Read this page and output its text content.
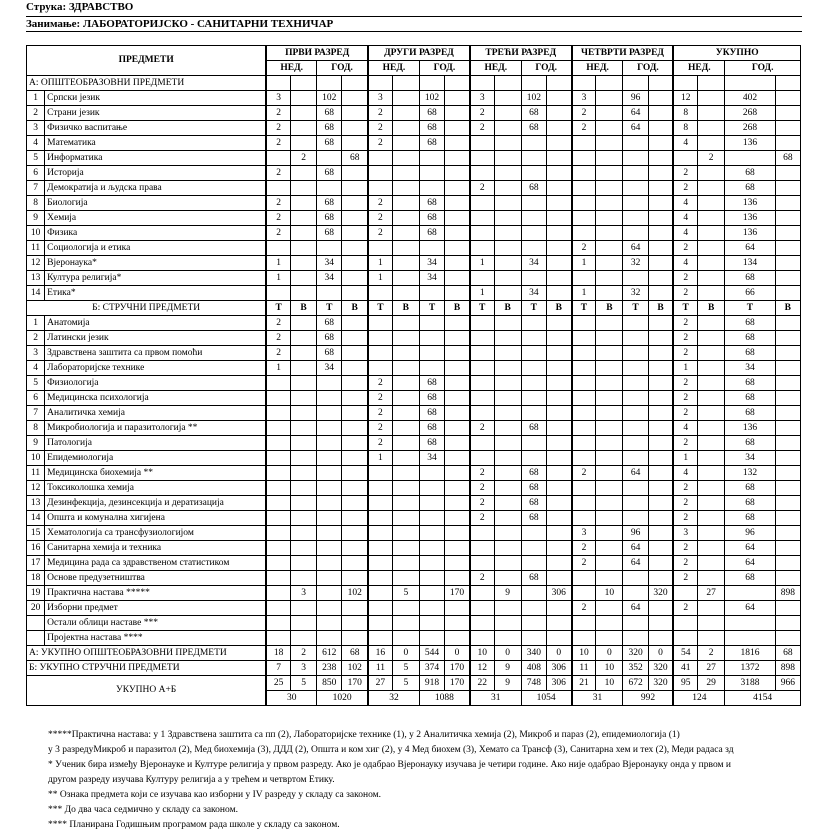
Струка: ЗДРАВСТВО
Занимање: ЛАБОРАТОРИЈСКО - САНИТАРНИ ТЕХНИЧАР
ПРЕДМЕТИ		ПРВИ РАЗРЕД				ДРУГИ РАЗРЕД				ТРЕЋИ РАЗРЕД				ЧЕТВРТИ РАЗРЕД				УКУПНО			
		НЕД.		ГОД.		НЕД.		ГОД.		НЕД.		ГОД.		НЕД.		ГОД.		НЕД.		ГОД.	
А: ОПШТЕОБРАЗОВНИ ПРЕДМЕТИ																					
1	Српски језик	3		102		3		102		3		102		3		96		12		402	
2	Страни језик	2		68		2		68		2		68		2		64		8		268	
3	Физичко васпитање	2		68		2		68		2		68		2		64		8		268	
4	Математика	2		68		2		68										4		136	
5	Информатика		2		68														2		68
6	Историја	2		68														2		68	
7	Демократија и људска права									2		68						2		68	
8	Биологија	2		68		2		68										4		136	
9	Хемија	2		68		2		68										4		136	
10	Физика	2		68		2		68										4		136	
11	Социологија и етика													2		64		2		64	
12	Вјеронаука*	1		34		1		34		1		34		1		32		4		134	
13	Култура религија*	1		34		1		34										2		68	
14	Етика*									1		34		1		32		2		66	
Б: СТРУЧНИ ПРЕДМЕТИ		Т	В	Т	В	Т	В	Т	В	Т	В	Т	В	Т	В	Т	В	Т	В	Т	В
1	Анатомија	2		68														2		68	
2	Латински језик	2		68														2		68	
3	Здравствена заштита са првом помоћи	2		68														2		68	
4	Лабораторијске технике	1		34														1		34	
5	Физиологија					2		68										2		68	
6	Медицинска психологија					2		68										2		68	
7	Аналитичка хемија					2		68										2		68	
8	Микробиологија и паразитологија **					2		68		2		68						4		136	
9	Патологија					2		68										2		68	
10	Епидемиологија					1		34										1		34	
11	Медицинска биохемија **									2		68		2		64		4		132	
12	Токсиколошка хемија									2		68						2		68	
13	Дезинфекција, дезинсекција и дератизација									2		68						2		68	
14	Општа и комунална хигијена									2		68						2		68	
15	Хематологија са трансфузиологијом													3		96		3		96	
16	Санитарна хемија и техника													2		64		2		64	
17	Медицина рада са здравственом статистиком													2		64		2		64	
18	Основе предузетништва									2		68						2		68	
19	Практична настава *****		3		102		5		170		9		306		10		320		27		898
20	Изборни предмет													2		64		2		64	
	Остали облици наставе ***																				
	Пројектна настава ****																				
А: УКУПНО ОПШТЕОБРАЗОВНИ ПРЕДМЕТИ		18	2	612	68	16	0	544	0	10	0	340	0	10	0	320	0	54	2	1816	68
Б: УКУПНО СТРУЧНИ ПРЕДМЕТИ		7	3	238	102	11	5	374	170	12	9	408	306	11	10	352	320	41	27	1372	898
УКУПНО А+Б		25	5	850	170	27	5	918	170	22	9	748	306	21	10	672	320	95	29	3188	966
		30		1020		32		1088		31		1054		31		992		124		4154	
*****Практична настава: у 1 Здравствена заштита са пп (2), Лабораторијске технике (1), у 2 Аналитичка хемија (2), Микроб и параз (2), епидемиологија (1)
у 3 разредуМикроб и паразитол (2), Мед биохемија (3), ДДД (2), Општа и ком хиг (2), у 4 Мед биохем (3), Хемато са Трансф (3), Санитарна хем и тех (2), Меди радаса зд
* Ученик бира између Вјеронауке и Културе религија у првом разреду. Ако је одабрао Вјеронауку изучава је четири године. Ако није одабрао Вјеронауку онда у првом и
другом разреду изучава Културу религија а у трећем и четвртом Етику.
** Ознака предмета који се изучава као изборни у IV разреду у складу са законом.
*** До два часа седмично у складу са законом.
**** Планирана Годишњим програмом рада школе у складу са законом.
